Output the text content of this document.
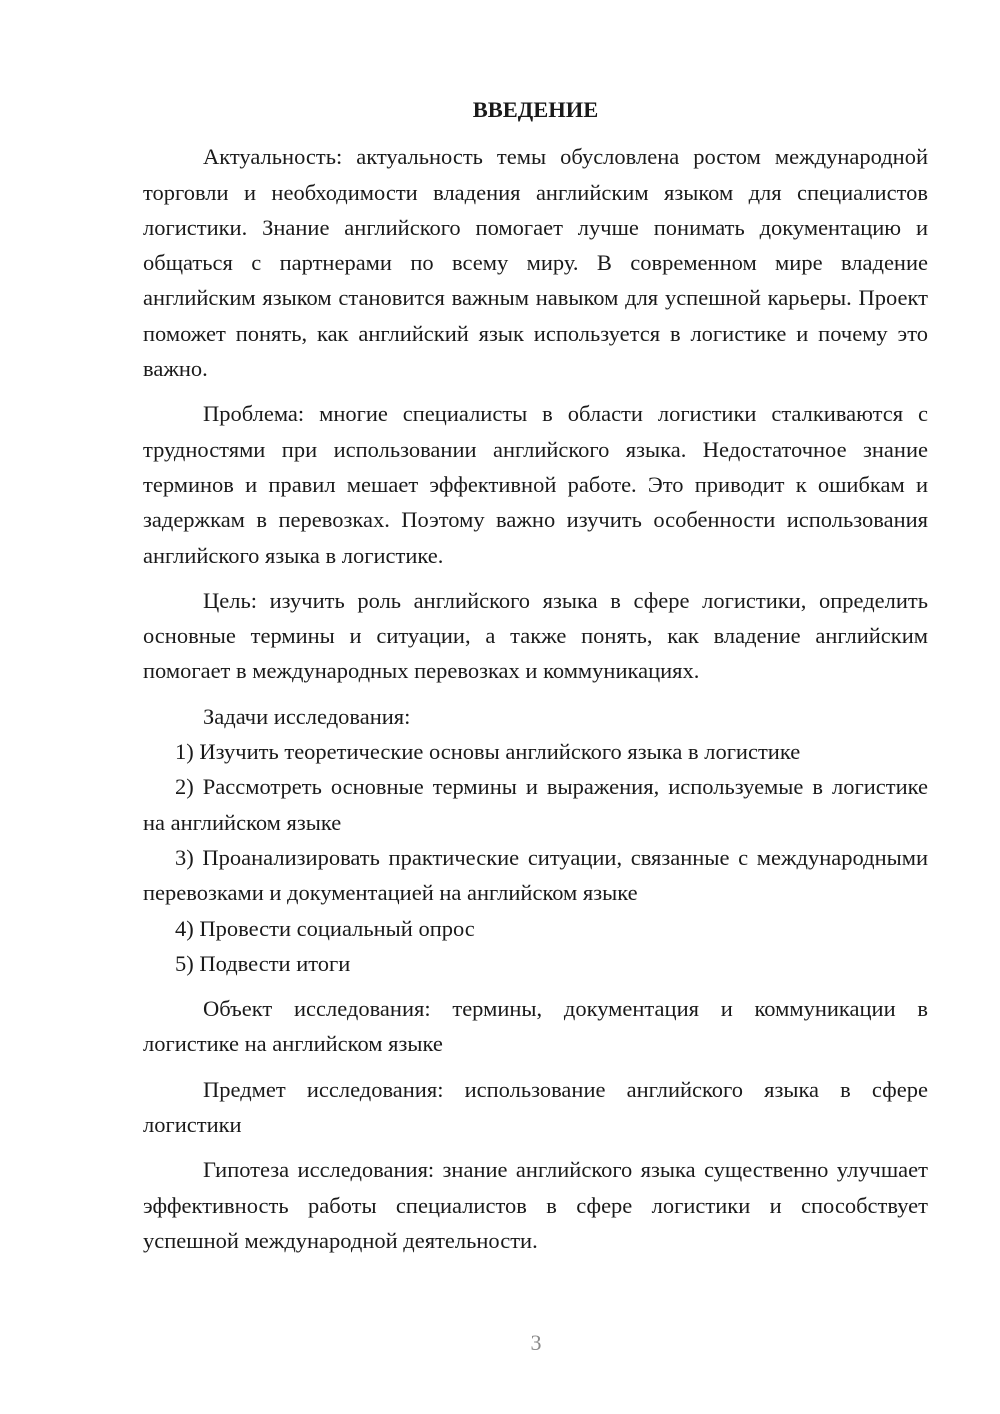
ВВЕДЕНИЕ

Актуальность: актуальность темы обусловлена ростом международной торговли и необходимости владения английским языком для специалистов логистики. Знание английского помогает лучше понимать документацию и общаться с партнерами по всему миру. В современном мире владение английским языком становится важным навыком для успешной карьеры. Проект поможет понять, как английский язык используется в логистике и почему это важно.

Проблема: многие специалисты в области логистики сталкиваются с трудностями при использовании английского языка. Недостаточное знание терминов и правил мешает эффективной работе. Это приводит к ошибкам и задержкам в перевозках. Поэтому важно изучить особенности использования английского языка в логистике.

Цель: изучить роль английского языка в сфере логистики, определить основные термины и ситуации, а также понять, как владение английским помогает в международных перевозках и коммуникациях.

Задачи исследования:

1) Изучить теоретические основы английского языка в логистике

2) Рассмотреть основные термины и выражения, используемые в логистике на английском языке

3) Проанализировать практические ситуации, связанные с международными перевозками и документацией на английском языке

4) Провести социальный опрос

5) Подвести итоги

Объект исследования: термины, документация и коммуникации в логистике на английском языке

Предмет исследования: использование английского языка в сфере логистики

Гипотеза исследования: знание английского языка существенно улучшает эффективность работы специалистов в сфере логистики и способствует успешной международной деятельности.

3
